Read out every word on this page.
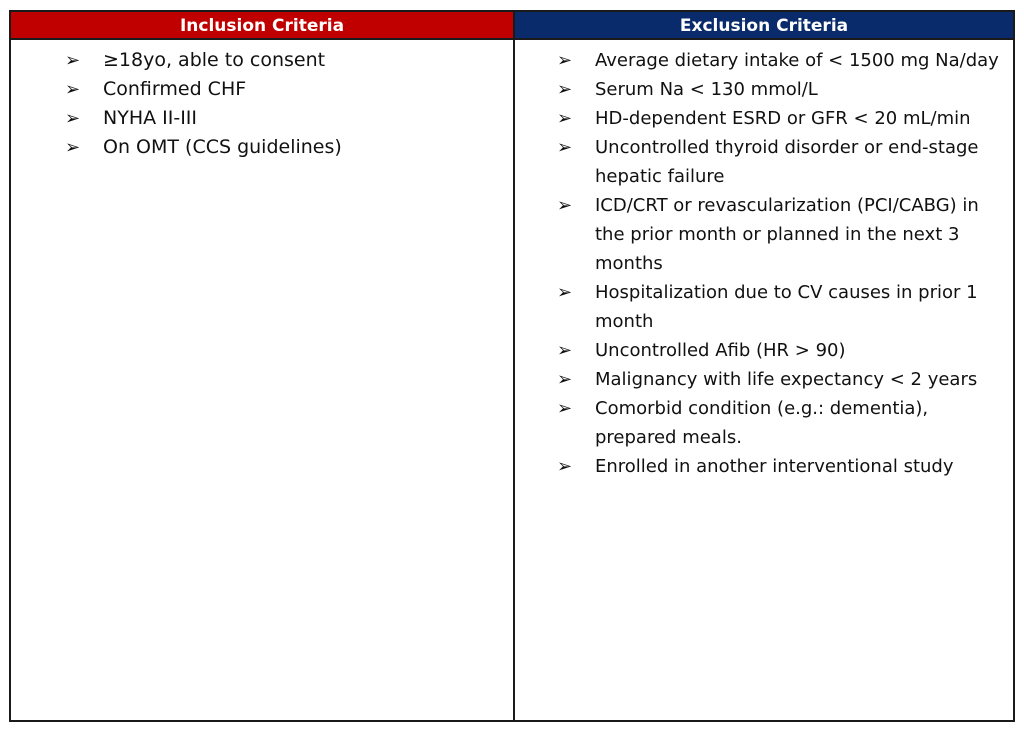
Inclusion Criteria
➢	≥18yo, able to consent
➢	Confirmed CHF
➢	NYHA II-III
➢	On OMT (CCS guidelines)
Exclusion Criteria
➢	Average dietary intake of < 1500 mg Na/day
➢	Serum Na < 130 mmol/L
➢	HD-dependent ESRD or GFR < 20 mL/min
➢	Uncontrolled thyroid disorder or end-stage hepatic failure
➢	ICD/CRT or revascularization (PCI/CABG) in the prior month or planned in the next 3 months
➢	Hospitalization due to CV causes in prior 1 month
➢	Uncontrolled Afib (HR > 90)
➢	Malignancy with life expectancy < 2 years
➢	Comorbid condition (e.g.: dementia), prepared meals.
➢	Enrolled in another interventional study
